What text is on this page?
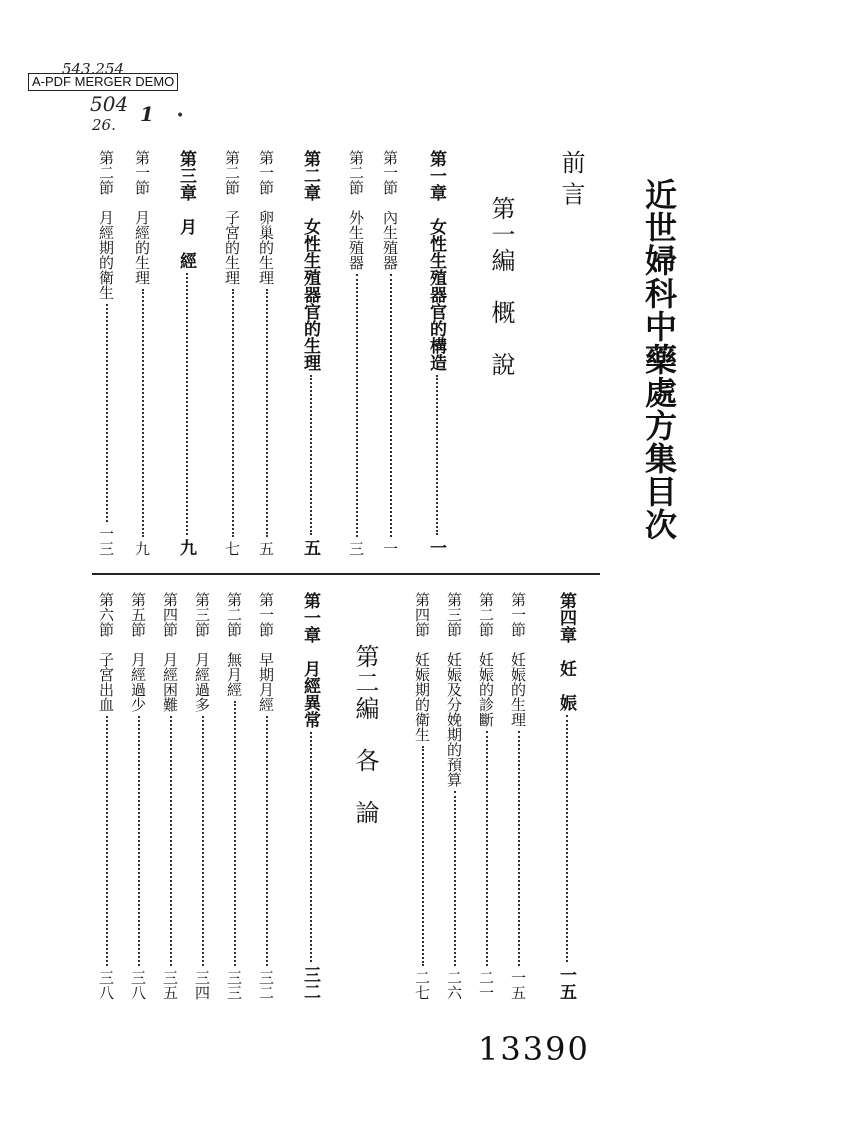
A-PDF MERGER DEMO
543.254
504
26. 1 •
近世婦科中藥處方集目次
前 言
第一編　概　說
第二編　各　論
第一章　女性生殖器官的構造
一
第一節　內生殖器
一
第二節　外生殖器
三
第二章　女性生殖器官的生理
五
第一節　卵巢的生理
五
第二節　子宮的生理
七
第三章　月　經
九
第一節　月經的生理
九
第二節　月經期的衛生
一三
第四章　妊　娠
一五
第一節　妊娠的生理
一五
第二節　妊娠的診斷
二一
第三節　妊娠及分娩期的預算
二六
第四節　妊娠期的衛生
二七
第一章　月經異常
三二
第一節　早期月經
三二
第二節　無月經
三三
第三節　月經過多
三四
第四節　月經困難
三五
第五節　月經過少
三八
第六節　子宮出血
三八
13390
